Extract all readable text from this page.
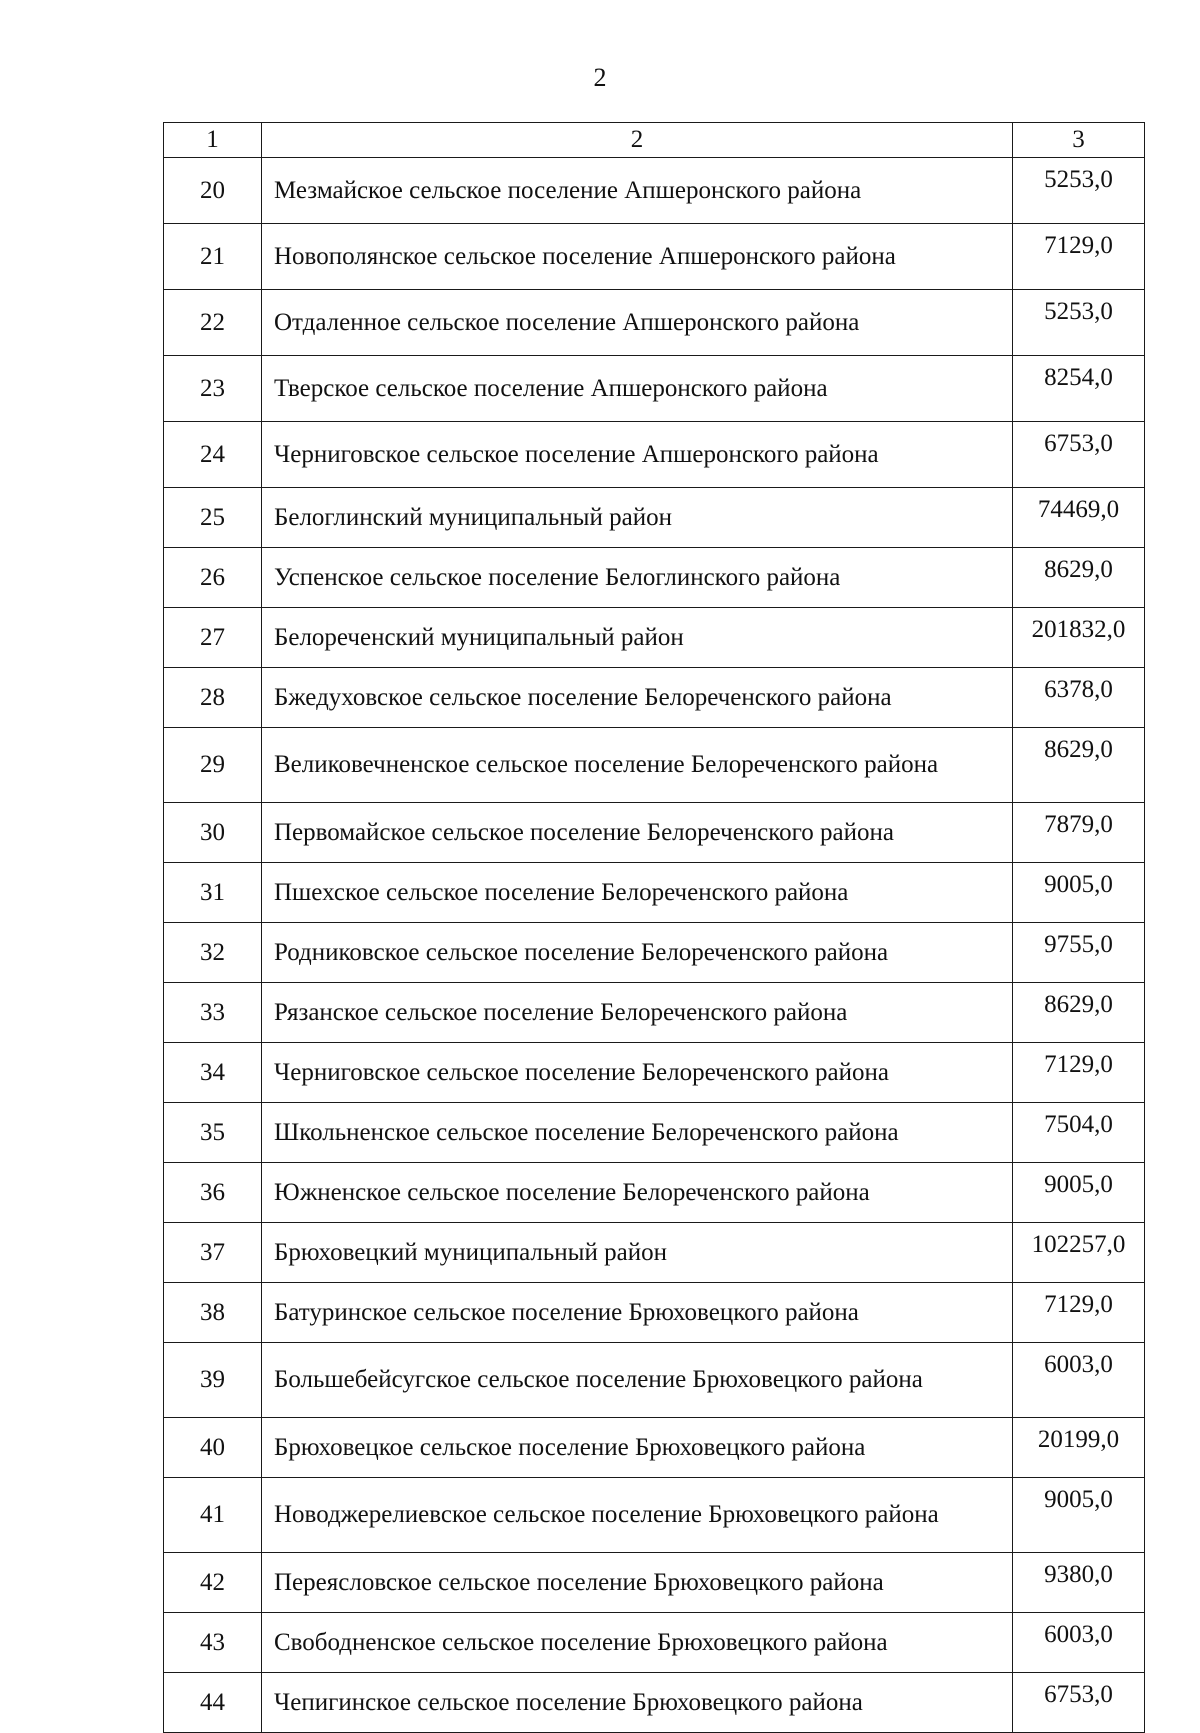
2
1	2	3
20	Мезмайское сельское поселение Апшеронского района	5253,0
21	Новополянское сельское поселение Апшеронского района	7129,0
22	Отдаленное сельское поселение Апшеронского района	5253,0
23	Тверское сельское поселение Апшеронского района	8254,0
24	Черниговское сельское поселение Апшеронского района	6753,0
25	Белоглинский муниципальный район	74469,0
26	Успенское сельское поселение Белоглинского района	8629,0
27	Белореченский муниципальный район	201832,0
28	Бжедуховское сельское поселение Белореченского района	6378,0
29	Великовечненское сельское поселение Белореченского района	8629,0
30	Первомайское сельское поселение Белореченского района	7879,0
31	Пшехское сельское поселение Белореченского района	9005,0
32	Родниковское сельское поселение Белореченского района	9755,0
33	Рязанское сельское поселение Белореченского района	8629,0
34	Черниговское сельское поселение Белореченского района	7129,0
35	Школьненское сельское поселение Белореченского района	7504,0
36	Южненское сельское поселение Белореченского района	9005,0
37	Брюховецкий муниципальный район	102257,0
38	Батуринское сельское поселение Брюховецкого района	7129,0
39	Большебейсугское сельское поселение Брюховецкого района	6003,0
40	Брюховецкое сельское поселение Брюховецкого района	20199,0
41	Новоджерелиевское сельское поселение Брюховецкого района	9005,0
42	Переясловское сельское поселение Брюховецкого района	9380,0
43	Свободненское сельское поселение Брюховецкого района	6003,0
44	Чепигинское сельское поселение Брюховецкого района	6753,0
